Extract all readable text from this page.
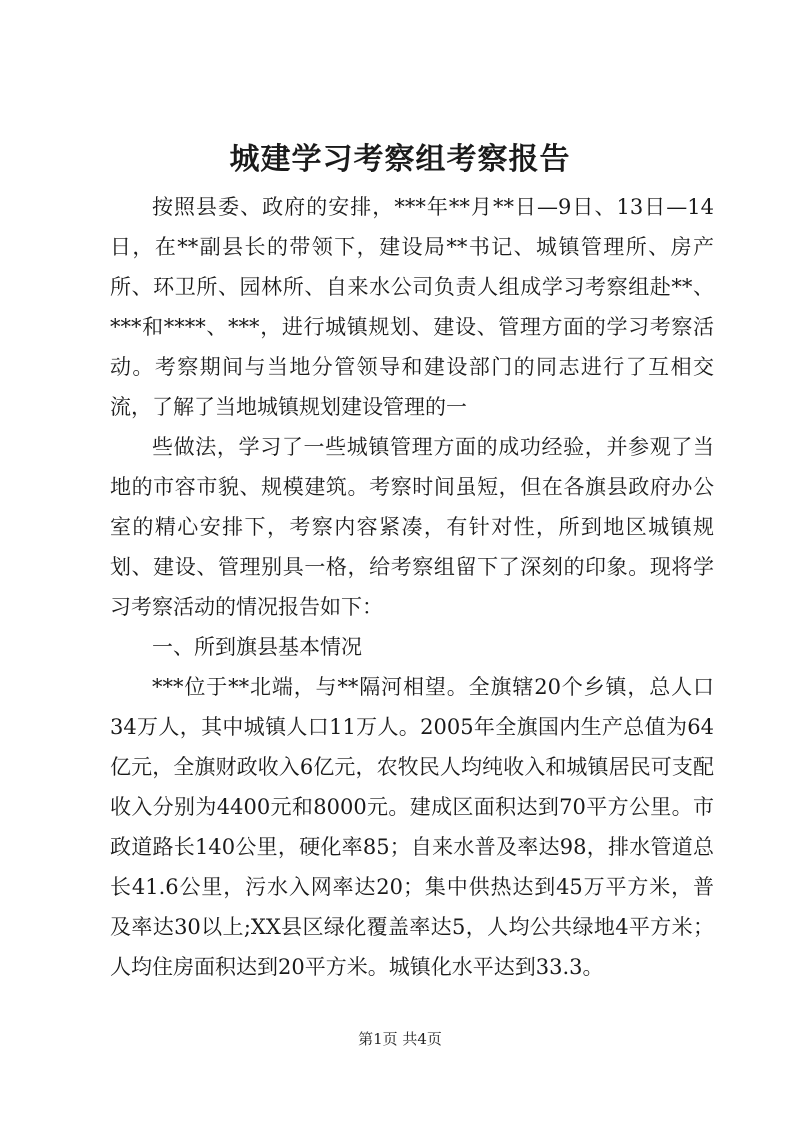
城建学习考察组考察报告

按照县委、政府的安排，***年**月**日—9日、13日—14日，在**副县长的带领下，建设局**书记、城镇管理所、房产所、环卫所、园林所、自来水公司负责人组成学习考察组赴**、***和****、***，进行城镇规划、建设、管理方面的学习考察活动。考察期间与当地分管领导和建设部门的同志进行了互相交流，了解了当地城镇规划建设管理的一

些做法，学习了一些城镇管理方面的成功经验，并参观了当地的市容市貌、规模建筑。考察时间虽短，但在各旗县政府办公室的精心安排下，考察内容紧凑，有针对性，所到地区城镇规划、建设、管理别具一格，给考察组留下了深刻的印象。现将学习考察活动的情况报告如下：

一、所到旗县基本情况

***位于**北端，与**隔河相望。全旗辖20个乡镇，总人口34万人，其中城镇人口11万人。2005年全旗国内生产总值为64亿元，全旗财政收入6亿元，农牧民人均纯收入和城镇居民可支配收入分别为4400元和8000元。建成区面积达到70平方公里。市政道路长140公里，硬化率85；自来水普及率达98，排水管道总长41.6公里，污水入网率达20；集中供热达到45万平方米，普及率达30以上;XX县区绿化覆盖率达5，人均公共绿地4平方米；人均住房面积达到20平方米。城镇化水平达到33.3。

第1页 共4页
